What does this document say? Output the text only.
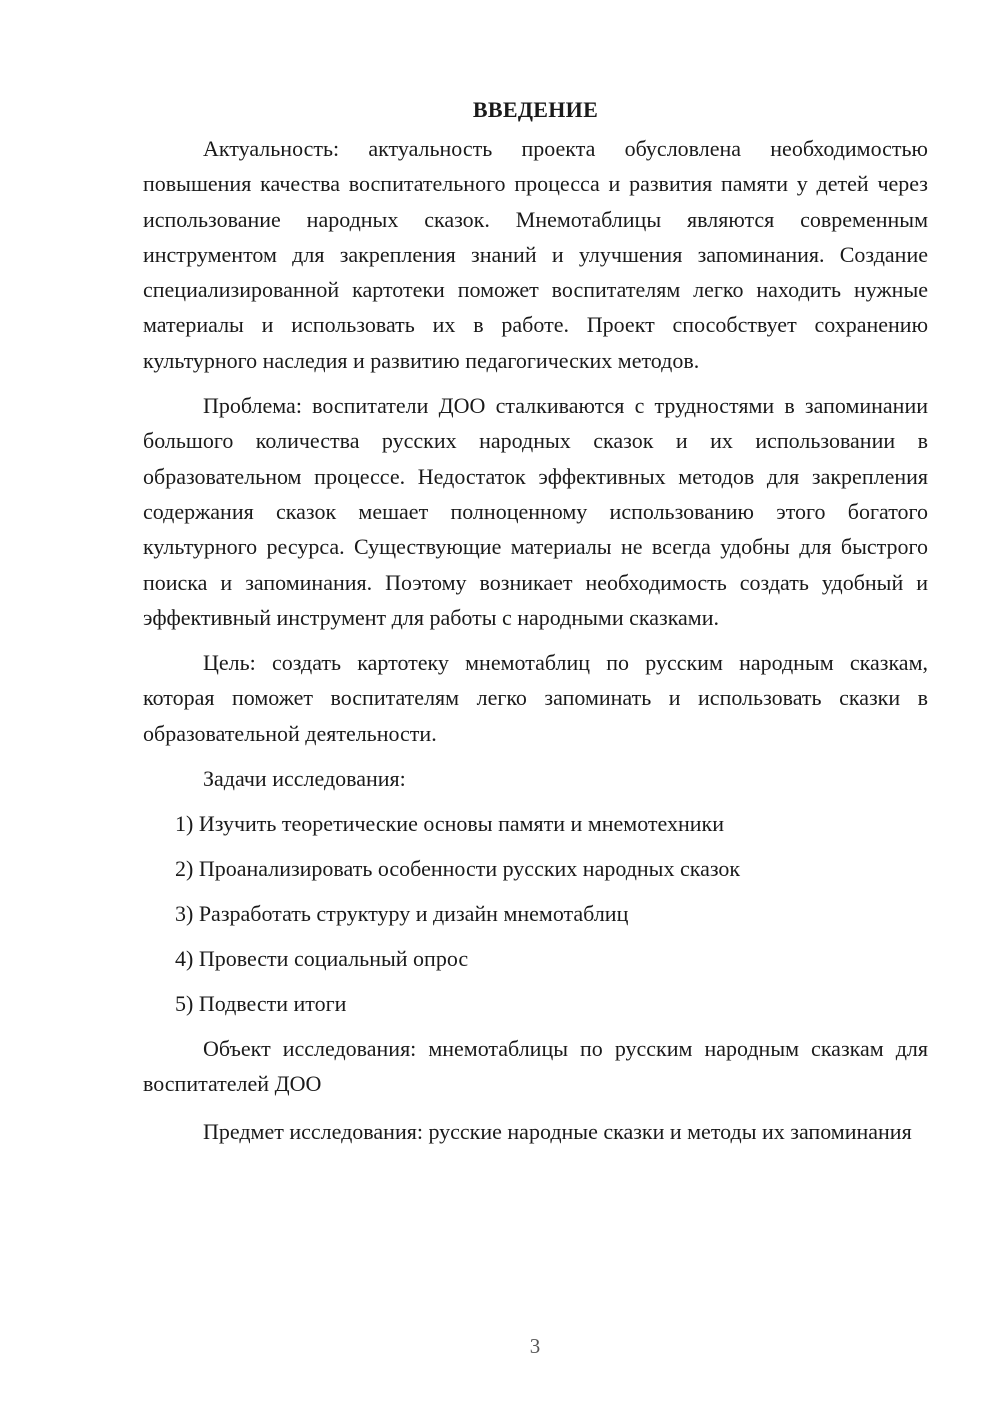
ВВЕДЕНИЕ

Актуальность: актуальность проекта обусловлена необходимостью повышения качества воспитательного процесса и развития памяти у детей через использование народных сказок. Мнемотаблицы являются современным инструментом для закрепления знаний и улучшения запоминания. Создание специализированной картотеки поможет воспитателям легко находить нужные материалы и использовать их в работе. Проект способствует сохранению культурного наследия и развитию педагогических методов.

Проблема: воспитатели ДОО сталкиваются с трудностями в запоминании большого количества русских народных сказок и их использовании в образовательном процессе. Недостаток эффективных методов для закрепления содержания сказок мешает полноценному использованию этого богатого культурного ресурса. Существующие материалы не всегда удобны для быстрого поиска и запоминания. Поэтому возникает необходимость создать удобный и эффективный инструмент для работы с народными сказками.

Цель: создать картотеку мнемотаблиц по русским народным сказкам, которая поможет воспитателям легко запоминать и использовать сказки в образовательной деятельности.

Задачи исследования:
1) Изучить теоретические основы памяти и мнемотехники
2) Проанализировать особенности русских народных сказок
3) Разработать структуру и дизайн мнемотаблиц
4) Провести социальный опрос
5) Подвести итоги

Объект исследования: мнемотаблицы по русским народным сказкам для воспитателей ДОО

Предмет исследования: русские народные сказки и методы их запоминания

3
